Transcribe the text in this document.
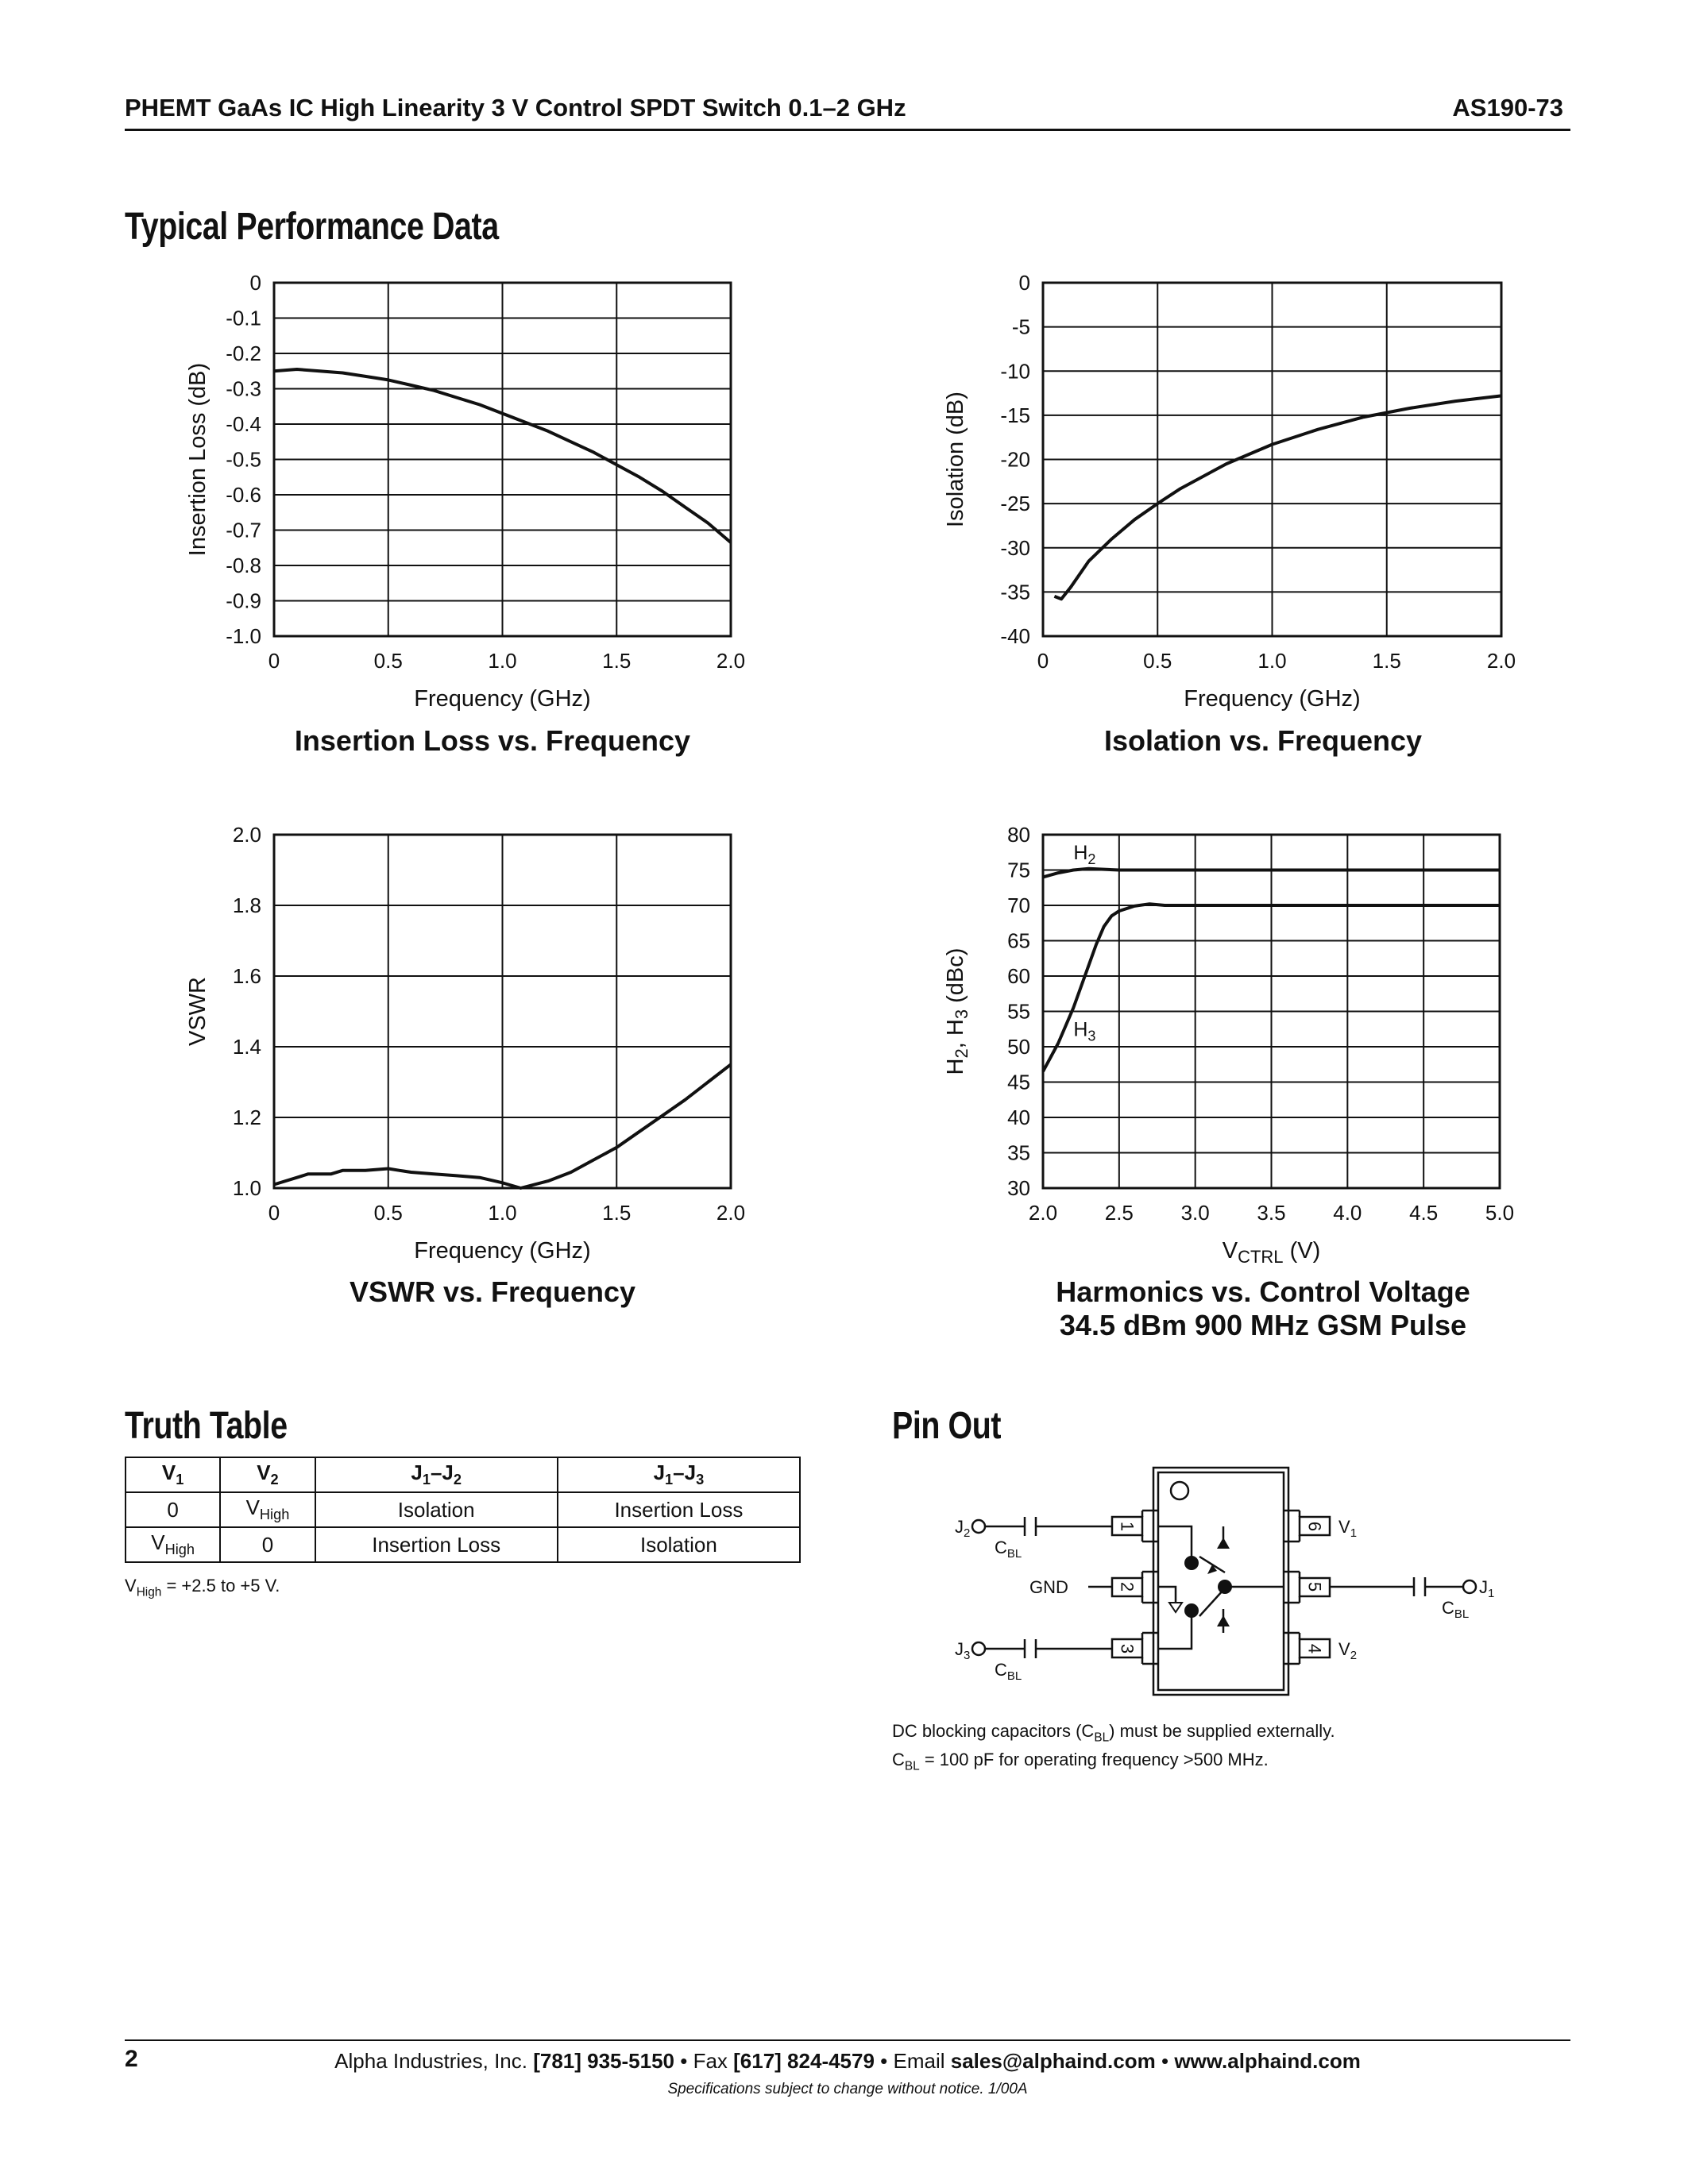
PHEMT GaAs IC High Linearity 3 V Control SPDT Switch 0.1–2 GHz	AS190-73
Typical Performance Data
0	0.5	1.0	1.5	2.0
0
-0.1
-0.2
-0.3
-0.4
-0.5
-0.6
-0.7
-0.8
-0.9
-1.0
Frequency (GHz)
Insertion Loss (dB)
0	0.5	1.0	1.5	2.0
0
-5
-10
-15
-20
-25
-30
-35
-40
Frequency (GHz)
Isolation (dB)
0	0.5	1.0	1.5	2.0
2.0
1.8
1.6
1.4
1.2
1.0
Frequency (GHz)
VSWR
2.0 2.5 3.0 3.5 4.0 4.5 5.0
80
75
70
65
60
55
50
45
40
35
30
$V_{CTRL}$ (V)
$H_2$, $H_3$ (dBc)
$H_2$
$H_3$
Insertion Loss vs. Frequency	Isolation vs. Frequency
VSWR vs. Frequency	Harmonics vs. Control Voltage
34.5 dBm 900 MHz GSM Pulse
Truth Table
$V_1$	$V_2$	$J_1-J_2$	$J_1-J_3$
0	$V_{High}$	Isolation	Insertion Loss
$V_{High}$	0	Insertion Loss	Isolation
$V_{High} = +2.5$ to +5 V.
Pin Out
1
2
3	4
5
6
$J_2$
$J_3$
$J_1$
$C_{BL}$
$C_{BL}$
$C_{BL}$
GND
$V_1$
$V_2$
DC blocking capacitors $(C_{BL})$ must be supplied externally.
$C_{BL} = 100$ pF for operating frequency >500 MHz.
2	Alpha Industries, Inc. [781] 935-5150 • Fax [617] 824-4579 • Email sales@alphaind.com • www.alphaind.com
Specifications subject to change without notice. 1/00A
